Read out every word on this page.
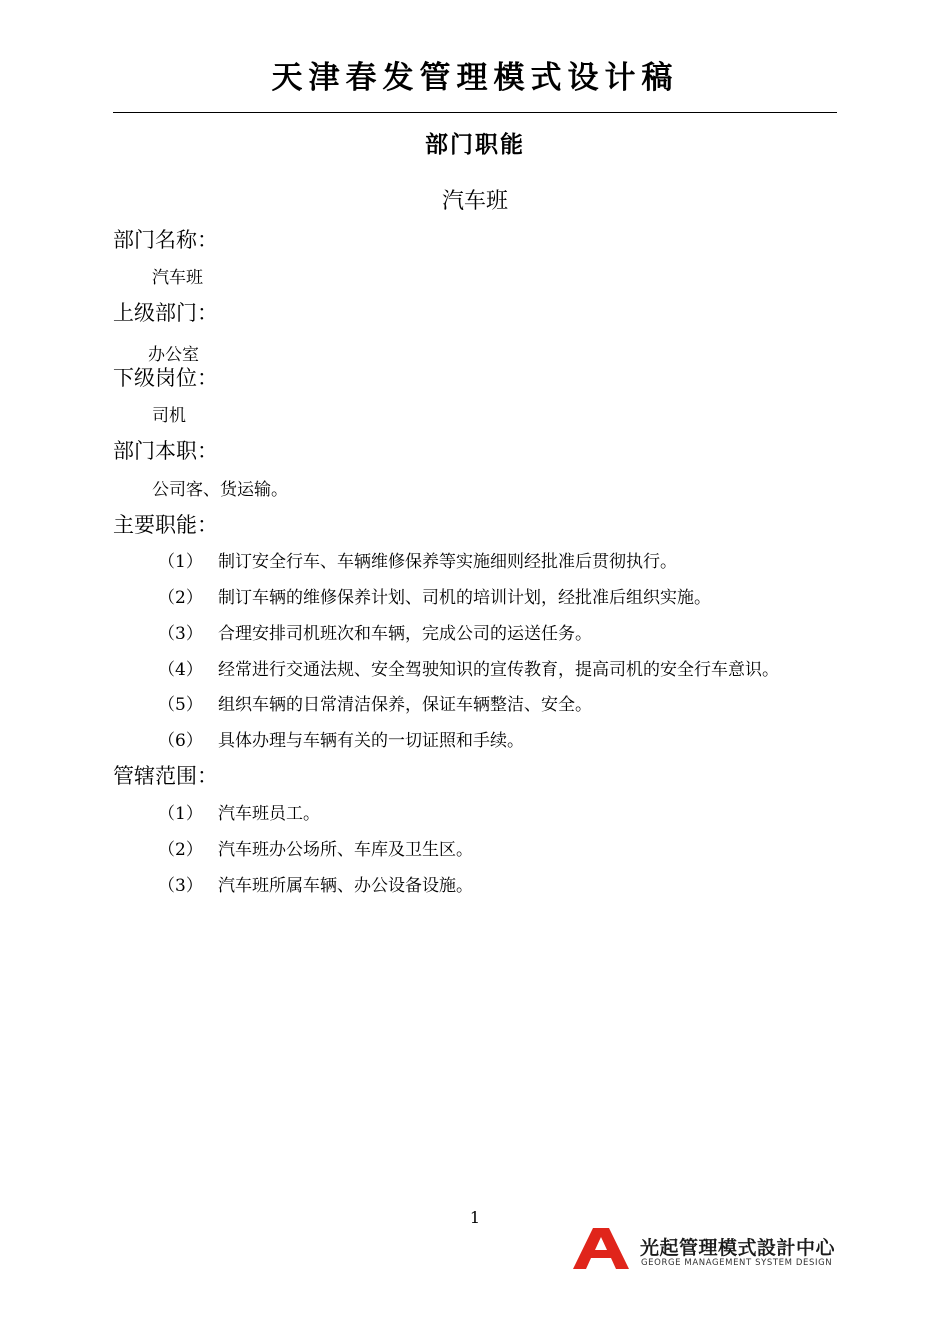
天津春发管理模式设计稿
部门职能
汽车班
部门名称：
汽车班
上级部门：
办公室
下级岗位：
司机
部门本职：
公司客、货运输。
主要职能：
（1） 制订安全行车、车辆维修保养等实施细则经批准后贯彻执行。
（2） 制订车辆的维修保养计划、司机的培训计划，经批准后组织实施。
（3） 合理安排司机班次和车辆，完成公司的运送任务。
（4） 经常进行交通法规、安全驾驶知识的宣传教育，提高司机的安全行车意识。
（5） 组织车辆的日常清洁保养，保证车辆整洁、安全。
（6） 具体办理与车辆有关的一切证照和手续。
管辖范围：
（1） 汽车班员工。
（2） 汽车班办公场所、车库及卫生区。
（3） 汽车班所属车辆、办公设备设施。
1
光起管理模式設計中心
GEORGE MANAGEMENT SYSTEM DESIGN
